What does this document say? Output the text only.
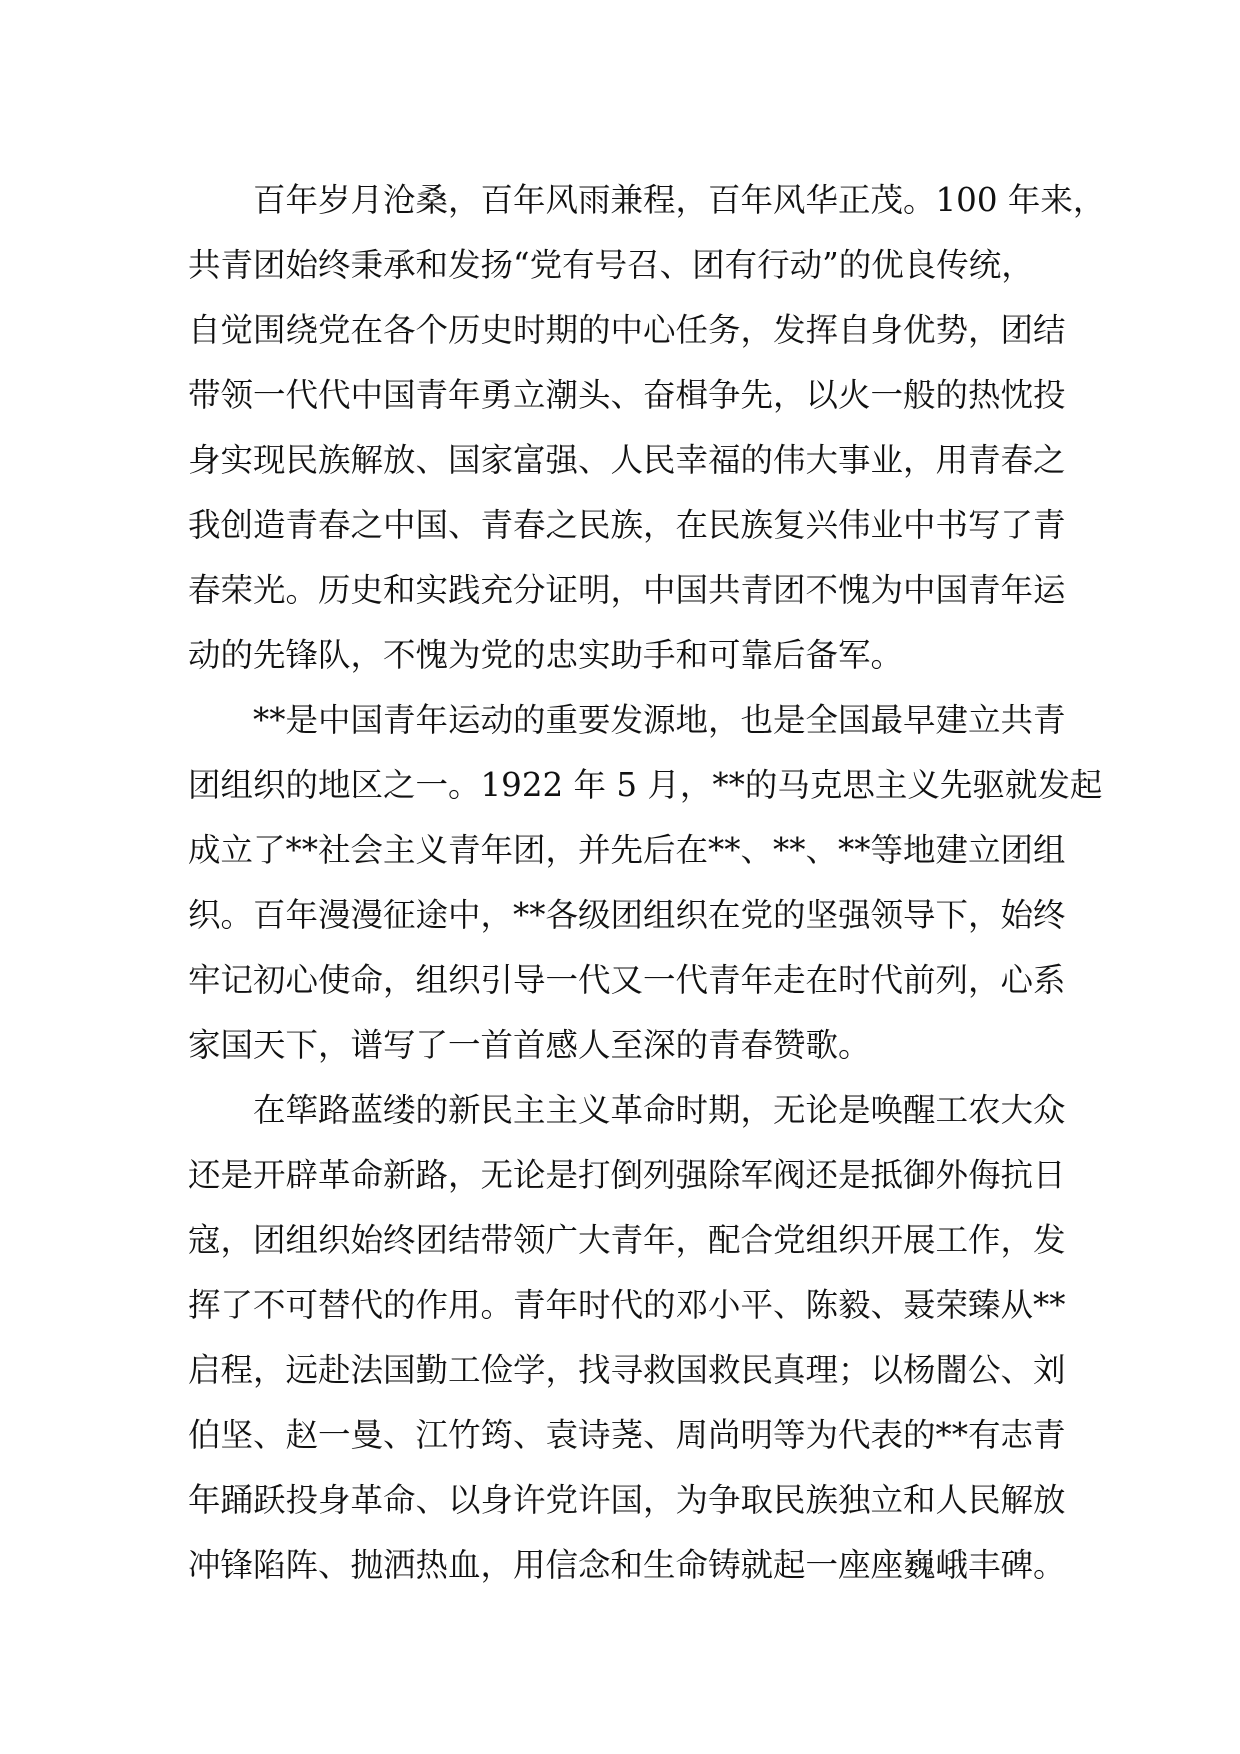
百年岁月沧桑，百年风雨兼程，百年风华正茂。100 年来，
共青团始终秉承和发扬“党有号召、团有行动”的优良传统，
自觉围绕党在各个历史时期的中心任务，发挥自身优势，团结
带领一代代中国青年勇立潮头、奋楫争先，以火一般的热忱投
身实现民族解放、国家富强、人民幸福的伟大事业，用青春之
我创造青春之中国、青春之民族，在民族复兴伟业中书写了青
春荣光。历史和实践充分证明，中国共青团不愧为中国青年运
动的先锋队，不愧为党的忠实助手和可靠后备军。

**是中国青年运动的重要发源地，也是全国最早建立共青
团组织的地区之一。1922 年 5 月，**的马克思主义先驱就发起
成立了**社会主义青年团，并先后在**、**、**等地建立团组
织。百年漫漫征途中，**各级团组织在党的坚强领导下，始终
牢记初心使命，组织引导一代又一代青年走在时代前列，心系
家国天下，谱写了一首首感人至深的青春赞歌。

在筚路蓝缕的新民主主义革命时期，无论是唤醒工农大众
还是开辟革命新路，无论是打倒列强除军阀还是抵御外侮抗日
寇，团组织始终团结带领广大青年，配合党组织开展工作，发
挥了不可替代的作用。青年时代的邓小平、陈毅、聂荣臻从**
启程，远赴法国勤工俭学，找寻救国救民真理；以杨闇公、刘
伯坚、赵一曼、江竹筠、袁诗荛、周尚明等为代表的**有志青
年踊跃投身革命、以身许党许国，为争取民族独立和人民解放
冲锋陷阵、抛洒热血，用信念和生命铸就起一座座巍峨丰碑。
